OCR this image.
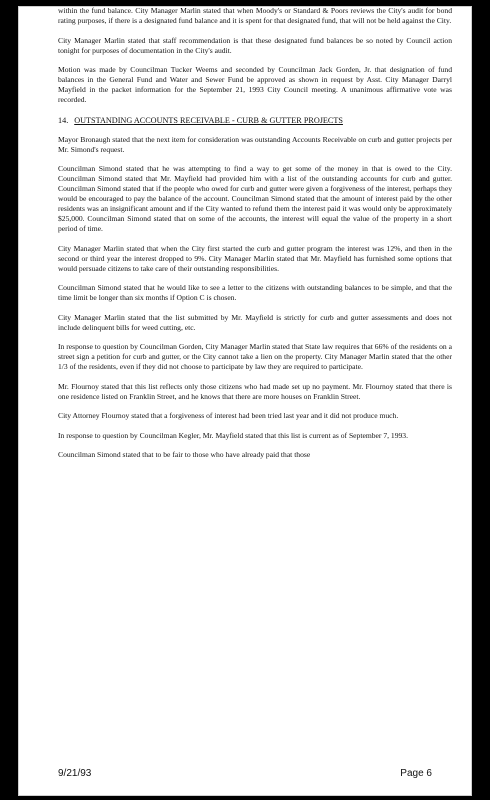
within the fund balance. City Manager Marlin stated that when Moody's or Standard & Poors reviews the City's audit for bond rating purposes, if there is a designated fund balance and it is spent for that designated fund, that will not be held against the City.

City Manager Marlin stated that staff recommendation is that these designated fund balances be so noted by Council action tonight for purposes of documentation in the City's audit.

Motion was made by Councilman Tucker Weems and seconded by Councilman Jack Gorden, Jr. that designation of fund balances in the General Fund and Water and Sewer Fund be approved as shown in request by Asst. City Manager Darryl Mayfield in the packet information for the September 21, 1993 City Council meeting. A unanimous affirmative vote was recorded.

14. OUTSTANDING ACCOUNTS RECEIVABLE - CURB & GUTTER PROJECTS

Mayor Bronaugh stated that the next item for consideration was outstanding Accounts Receivable on curb and gutter projects per Mr. Simond's request.

Councilman Simond stated that he was attempting to find a way to get some of the money in that is owed to the City. Councilman Simond stated that Mr. Mayfield had provided him with a list of the outstanding accounts for curb and gutter. Councilman Simond stated that if the people who owed for curb and gutter were given a forgiveness of the interest, perhaps they would be encouraged to pay the balance of the account. Councilman Simond stated that the amount of interest paid by the other residents was an insignificant amount and if the City wanted to refund them the interest paid it was would only be approximately $25,000. Councilman Simond stated that on some of the accounts, the interest will equal the value of the property in a short period of time.

City Manager Marlin stated that when the City first started the curb and gutter program the interest was 12%, and then in the second or third year the interest dropped to 9%. City Manager Marlin stated that Mr. Mayfield has furnished some options that would persuade citizens to take care of their outstanding responsibilities.

Councilman Simond stated that he would like to see a letter to the citizens with outstanding balances to be simple, and that the time limit be longer than six months if Option C is chosen.

City Manager Marlin stated that the list submitted by Mr. Mayfield is strictly for curb and gutter assessments and does not include delinquent bills for weed cutting, etc.

In response to question by Councilman Gorden, City Manager Marlin stated that State law requires that 66% of the residents on a street sign a petition for curb and gutter, or the City cannot take a lien on the property. City Manager Marlin stated that the other 1/3 of the residents, even if they did not choose to participate by law they are required to participate.

Mr. Flournoy stated that this list reflects only those citizens who had made set up no payment. Mr. Flournoy stated that there is one residence listed on Franklin Street, and he knows that there are more houses on Franklin Street.

City Attorney Flournoy stated that a forgiveness of interest had been tried last year and it did not produce much.

In response to question by Councilman Kegler, Mr. Mayfield stated that this list is current as of September 7, 1993.

Councilman Simond stated that to be fair to those who have already paid that those

9/21/93	Page 6
